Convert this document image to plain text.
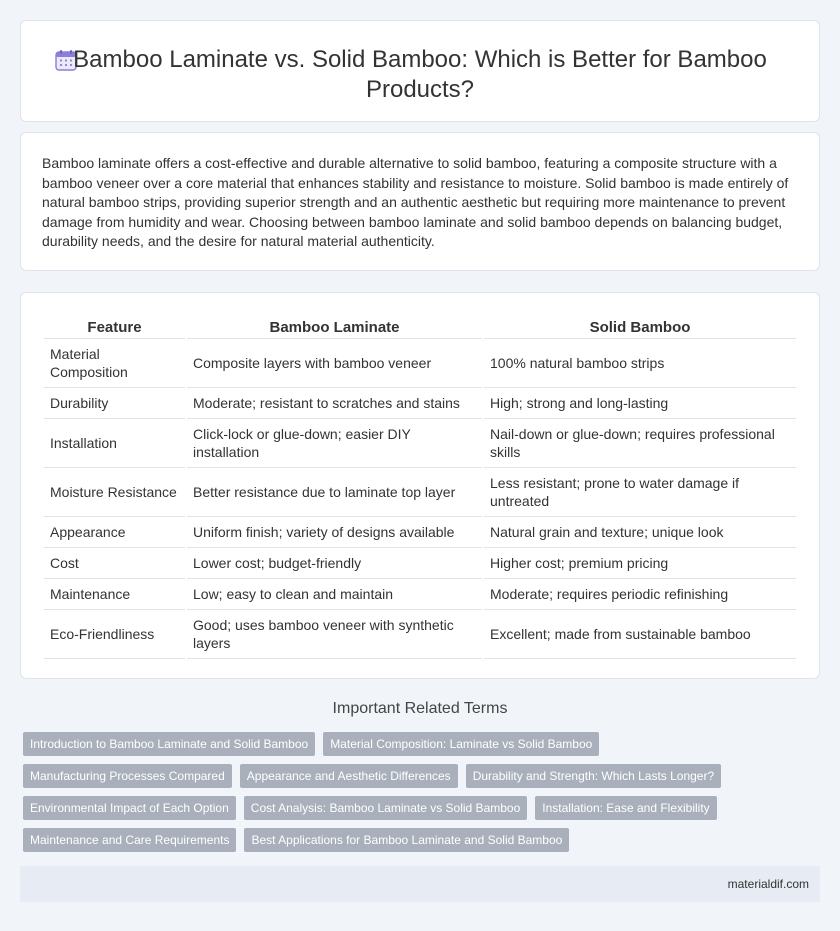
Bamboo Laminate vs. Solid Bamboo: Which is Better for Bamboo Products?

Bamboo laminate offers a cost-effective and durable alternative to solid bamboo, featuring a composite structure with a bamboo veneer over a core material that enhances stability and resistance to moisture. Solid bamboo is made entirely of natural bamboo strips, providing superior strength and an authentic aesthetic but requiring more maintenance to prevent damage from humidity and wear. Choosing between bamboo laminate and solid bamboo depends on balancing budget, durability needs, and the desire for natural material authenticity.

Feature	Bamboo Laminate	Solid Bamboo
Material Composition	Composite layers with bamboo veneer	100% natural bamboo strips
Durability	Moderate; resistant to scratches and stains	High; strong and long-lasting
Installation	Click-lock or glue-down; easier DIY installation	Nail-down or glue-down; requires professional skills
Moisture Resistance	Better resistance due to laminate top layer	Less resistant; prone to water damage if untreated
Appearance	Uniform finish; variety of designs available	Natural grain and texture; unique look
Cost	Lower cost; budget-friendly	Higher cost; premium pricing
Maintenance	Low; easy to clean and maintain	Moderate; requires periodic refinishing
Eco-Friendliness	Good; uses bamboo veneer with synthetic layers	Excellent; made from sustainable bamboo
Important Related Terms
Introduction to Bamboo Laminate and Solid Bamboo	Material Composition: Laminate vs Solid Bamboo
Manufacturing Processes Compared	Appearance and Aesthetic Differences	Durability and Strength: Which Lasts Longer?
Environmental Impact of Each Option	Cost Analysis: Bamboo Laminate vs Solid Bamboo	Installation: Ease and Flexibility
Maintenance and Care Requirements	Best Applications for Bamboo Laminate and Solid Bamboo
materialdif.com
